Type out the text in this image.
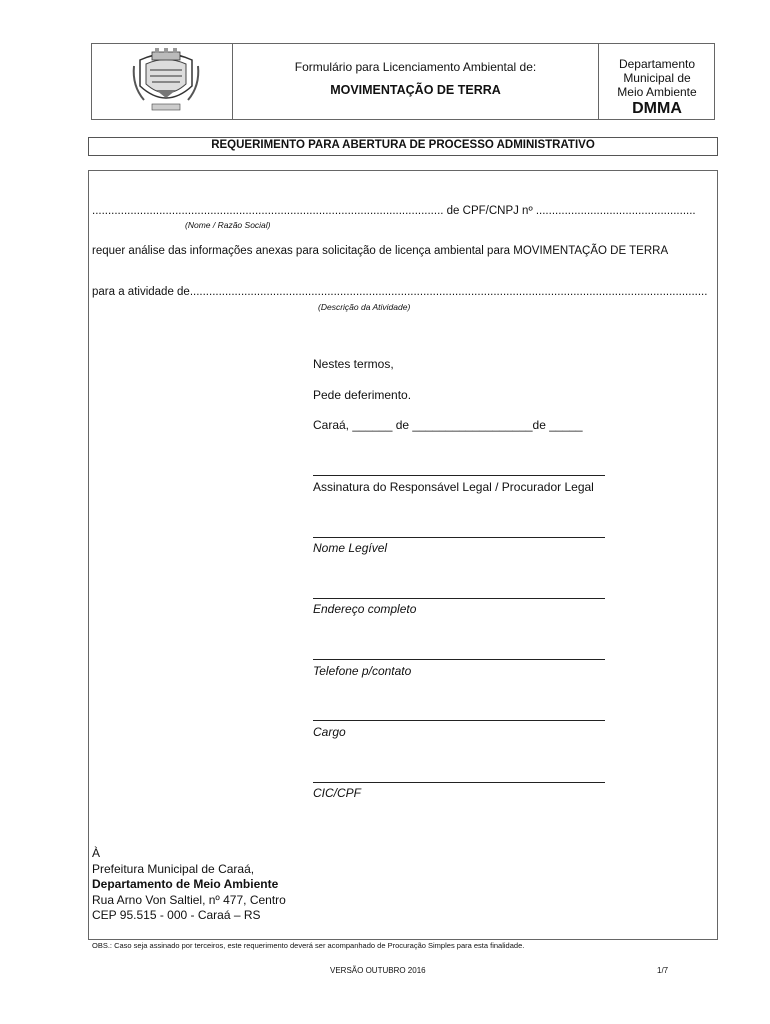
Formulário para Licenciamento Ambiental de:
MOVIMENTAÇÃO DE TERRA
Departamento
Municipal de
Meio Ambiente
DMMA
REQUERIMENTO PARA ABERTURA DE PROCESSO ADMINISTRATIVO
.............................................................................................................. de CPF/CNPJ nº ..................................................
(Nome / Razão Social)
requer análise das informações anexas para solicitação de licença ambiental para MOVIMENTAÇÃO DE TERRA
para a atividade de..................................................................................................................................................................
(Descrição da Atividade)
Nestes termos,
Pede deferimento.
Caraá, ______ de __________________de _____
Assinatura do Responsável Legal / Procurador Legal
Nome Legível
Endereço completo
Telefone p/contato
Cargo
CIC/CPF
À
Prefeitura Municipal de Caraá,
Departamento de Meio Ambiente
Rua Arno Von Saltiel, nº 477, Centro
CEP 95.515 - 000 - Caraá – RS
OBS.: Caso seja assinado por terceiros, este requerimento deverá ser acompanhado de Procuração Simples para esta finalidade.
VERSÃO OUTUBRO 2016	1/7
